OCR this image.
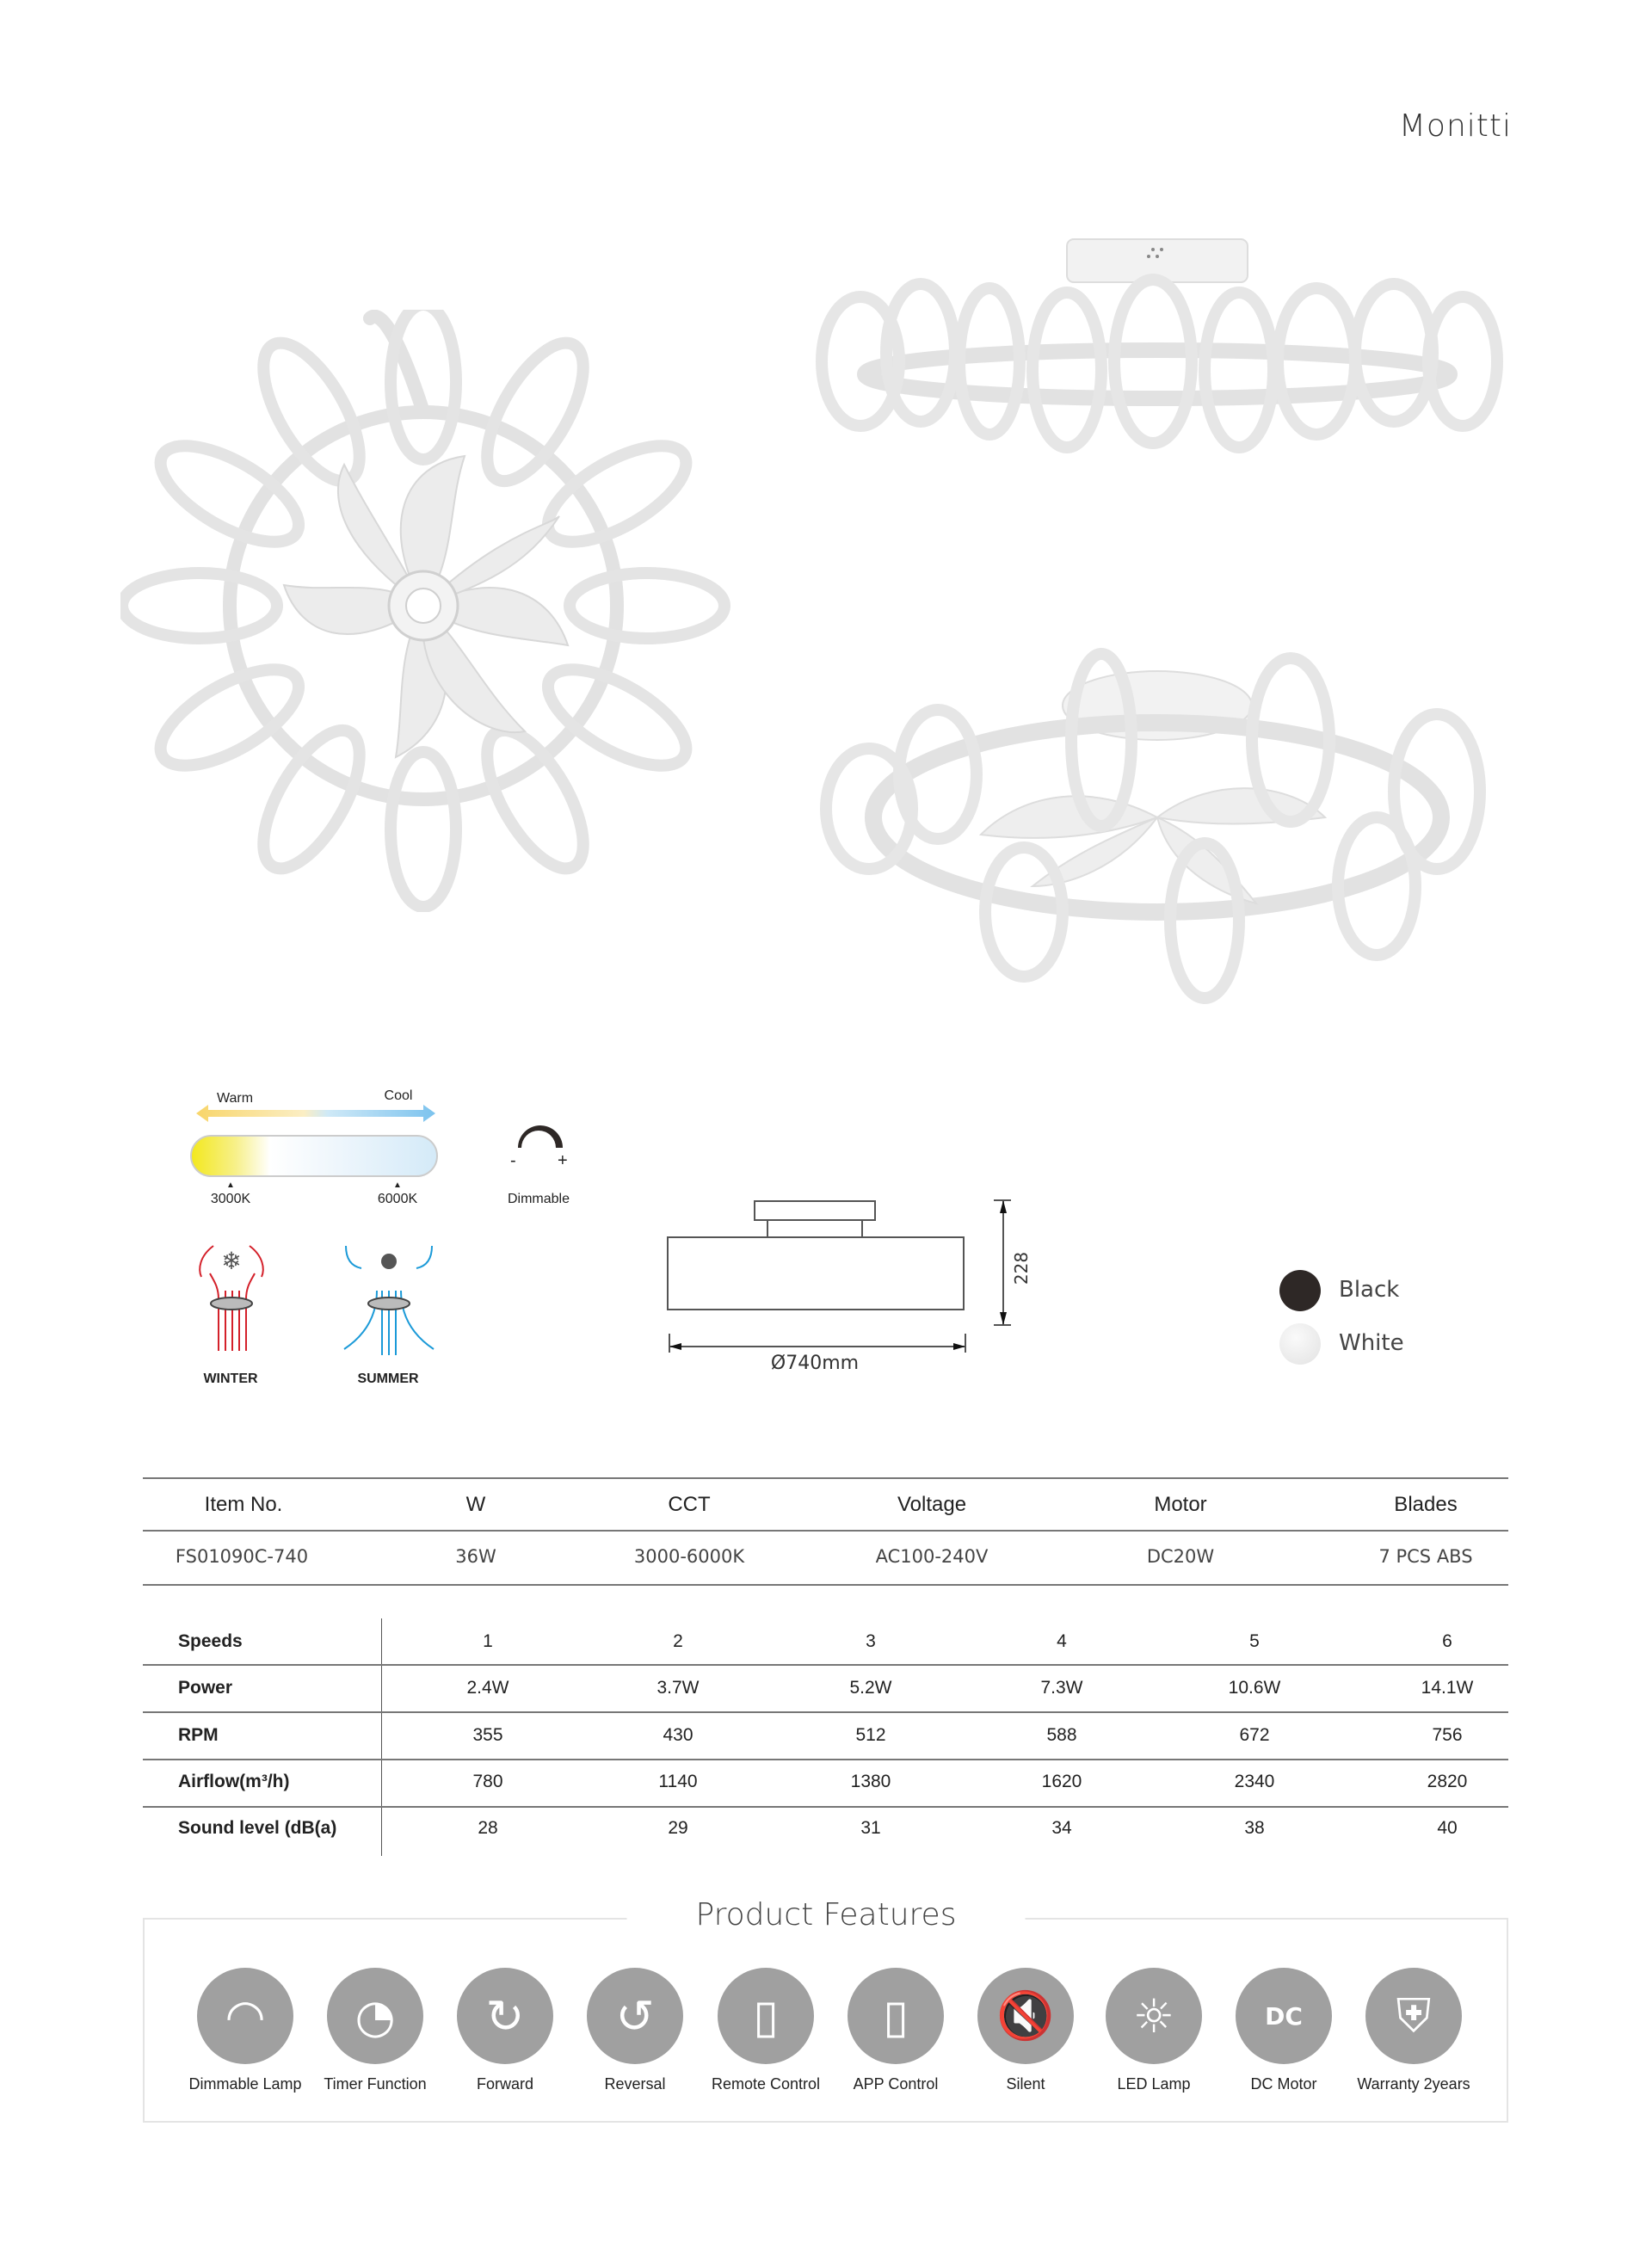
Monitti
Warm	Cool
▲	▲
3000K	6000K
- +
Dimmable
❄
WINTER	SUMMER
228
Ø740mm
Black
White
Item No.	W	CCT	Voltage	Motor	Blades
FS01090C-740	36W	3000-6000K	AC100-240V	DC20W	7 PCS ABS
Speeds	1	2	3	4	5	6
Power	2.4W	3.7W	5.2W	7.3W	10.6W	14.1W
RPM	355	430	512	588	672	756
Airflow(m³/h)	780	1140	1380	1620	2340	2820
Sound level (dB(a)	28	29	31	34	38	40
Product Features
◠
Dimmable Lamp
◔
Timer Function
↻
Forward
↺
Reversal
▯
Remote Control
▯
APP Control
🔇
Silent
☼
LED Lamp
DC
DC Motor
⛨
Warranty 2years
